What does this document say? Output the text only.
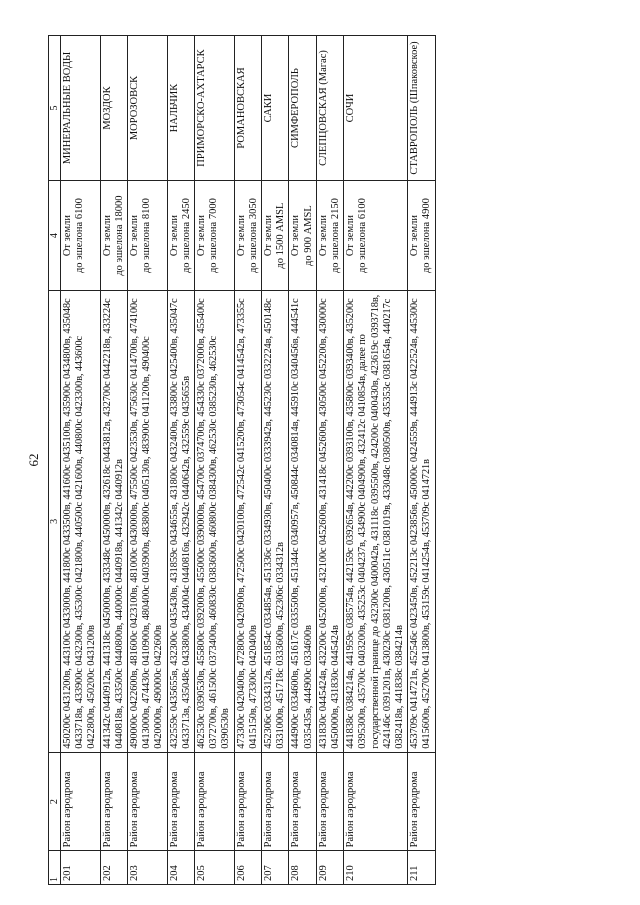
62
1	2	3	4	5
201	Район аэродрома	450200с 0431200в, 443100с 0433000в, 441800с 0433500в, 441600с 0435100в, 435900с 0434800в, 435048с 0433718в, 433900с 0432300в, 435300с 0421800в, 440500с 0421600в, 440800с 0423300в, 443600с 0422800в, 450200с 0431200в	От земли до эшелона 6100	МИНЕРАЛЬНЫЕ ВОДЫ
202	Район аэродрома	441342с 0440912в, 441318с 0450000в, 433348с 0450000в, 432618с 0443812в, 432700с 0442218в, 433224с 0440818в, 433500с 0440800в, 440000с 0440918в, 441342с 0440912в	От земли до эшелона 18000	МОЗДОК
203	Район аэродрома	490000с 0422600в, 481600с 0423100в, 481000с 0430000в, 475500с 0423530в, 475630с 0414700в, 474100с 0413000в, 474430с 0410900в, 480400с 0403900в, 483800с 0405130в, 483900с 0411200в, 490400с 0420000в, 490000с 0422600в	От земли до эшелона 8100	МОРОЗОВСК
204	Район аэродрома	432559с 0435655в, 432300с 0435430в, 431859с 0434655в, 431800с 0432400в, 433800с 0425400в, 435047с 0433713в, 435048с 0433800в, 434004с 0440816в, 432942с 0440642в, 432559с 0435655в	От земли до эшелона 2450	НАЛЬЧИК
205	Район аэродрома	462530с 0390530в, 455800с 0392000в, 455000с 0390000в, 454700с 0374700в, 454330с 0372000в, 455400с 0372700в, 461500с 0373400в, 460830с 0383600в, 460800с 0384300в, 462530с 0385230в, 462530с 0390530в	От земли до эшелона 7000	ПРИМОРСКО-АХТАРСК
206	Район аэродрома	473300с 0420400в, 472800с 0420900в, 472500с 0420100в, 472542с 0415200в, 473054с 0414542в, 473355с 0415150в, 473300с 0420400в	От земли до эшелона 3050	РОМАНОВСКАЯ
207	Район аэродрома	452306с 0334312в, 451854с 0334854в, 451336с 0334930в, 450400с 0333942в, 445230с 0332224в, 450148с 0331000в, 451718с 0333600в, 452306с 0334312в	От земли до 1500 AMSL	САКИ
208	Район аэродрома	444900с 0334600в, 451617с 0335500в, 451344с 0340957в, 450844с 0340814в, 445910с 0340456в, 444541с 0335435в, 444900с 0334600в	От земли до 900 AMSL	СИМФЕРОПОЛЬ
209	Район аэродрома	431830с 0445424в, 432200с 0452000в, 432100с 0452600в, 431418с 0452600в, 430500с 0452200в, 430000с 0450000в, 431830с 0445424в	От земли до эшелона 2150	СЛЕПЦОВСКАЯ (Магас)
210	Район аэродрома	441838с 0384214в, 441959с 0385754в, 442159с 0392654в, 442200с 0393100в, 435800с 0393400в, 435200с 0395300в, 435700с 0403200в, 435253с 0404237в, 434900с 0404900в, 432412с 0410854в, далее по государственной границе до 432300с 0400042в, 431118с 0395500в, 424200с 0400430в, 423619с 0393718в, 424146с 0391201в, 430230с 0381200в, 430511с 0381019в, 433048с 0380500в, 435353с 0381654в, 440217с 0382418в, 441838с 0384214в	От земли до эшелона 6100	СОЧИ
211	Район аэродрома	453709с 0414721в, 452546с 0423450в, 452213с 0423856в, 450000с 0424559в, 444913с 0422524в, 445300с 0415600в, 452700с 0413800в, 453159с 0414254в, 453709с 0414721в	От земли до эшелона 4900	СТАВРОПОЛЬ (Шпаковское)
